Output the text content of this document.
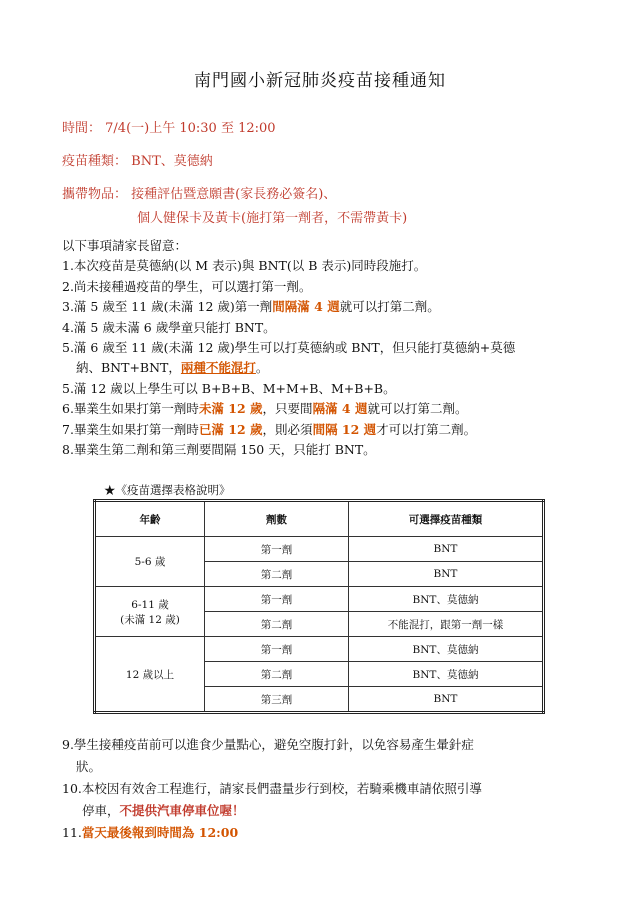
南門國小新冠肺炎疫苗接種通知
時間： 7/4(一)上午 10:30 至 12:00
疫苗種類： BNT、莫德納
攜帶物品： 接種評估暨意願書(家長務必簽名)、
個人健保卡及黃卡(施打第一劑者，不需帶黃卡)
以下事項請家長留意：
1.本次疫苗是莫德納(以 M 表示)與 BNT(以 B 表示)同時段施打。
2.尚未接種過疫苗的學生，可以選打第一劑。
3.滿 5 歲至 11 歲(未滿 12 歲)第一劑間隔滿 4 週就可以打第二劑。
4.滿 5 歲未滿 6 歲學童只能打 BNT。
5.滿 6 歲至 11 歲(未滿 12 歲)學生可以打莫德納或 BNT，但只能打莫德納+莫德
納、BNT+BNT，兩種不能混打。
5.滿 12 歲以上學生可以 B+B+B、M+M+B、M+B+B。
6.畢業生如果打第一劑時未滿 12 歲，只要間隔滿 4 週就可以打第二劑。
7.畢業生如果打第一劑時已滿 12 歲，則必須間隔 12 週才可以打第二劑。
8.畢業生第二劑和第三劑要間隔 150 天，只能打 BNT。
★《疫苗選擇表格說明》
年齡	劑數	可選擇疫苗種類
5-6 歲	第一劑	BNT
	第二劑	BNT

6-11 歲
(未滿 12 歲)	第一劑	BNT、莫德納
	第二劑	不能混打，跟第一劑一樣
12 歲以上	第一劑	BNT、莫德納
	第二劑	BNT、莫德納
	第三劑	BNT
9.學生接種疫苗前可以進食少量點心，避免空腹打針，以免容易產生暈針症
狀。
10.本校因有效舍工程進行，請家長們盡量步行到校，若騎乘機車請依照引導
停車，不提供汽車停車位喔！
11.當天最後報到時間為 12:00
